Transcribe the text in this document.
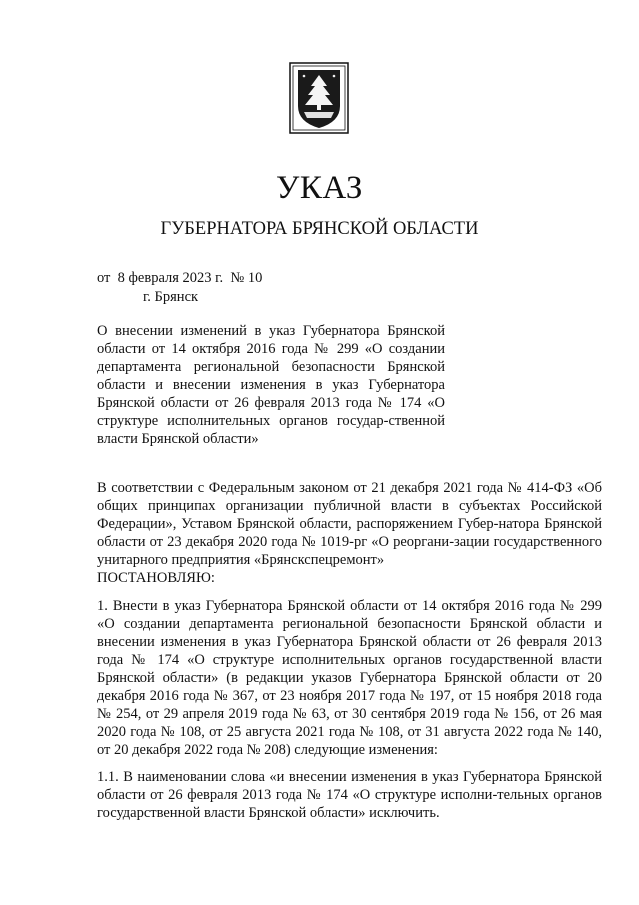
УКАЗ
ГУБЕРНАТОРА БРЯНСКОЙ ОБЛАСТИ
от  8 февраля 2023 г.  № 10
г. Брянск
О внесении изменений в указ Губернатора Брянской области от 14 октября 2016 года № 299 «О создании департамента региональной безопасности Брянской области и внесении изменения в указ Губернатора Брянской области от 26 февраля 2013 года № 174 «О структуре исполнительных органов государ-ственной власти Брянской области»

В соответствии с Федеральным законом от 21 декабря 2021 года № 414-ФЗ «Об общих принципах организации публичной власти в субъектах Российской Федерации», Уставом Брянской области, распоряжением Губер-натора Брянской области от 23 декабря 2020 года № 1019-рг «О реоргани-зации государственного унитарного предприятия «Брянскспецремонт»
ПОСТАНОВЛЯЮ:

1. Внести в указ Губернатора Брянской области от 14 октября 2016 года № 299 «О создании департамента региональной безопасности Брянской области и внесении изменения в указ Губернатора Брянской области от 26 февраля 2013 года № 174 «О структуре исполнительных органов государственной власти Брянской области» (в редакции указов Губернатора Брянской области от 20 декабря 2016 года № 367, от 23 ноября 2017 года № 197, от 15 ноября 2018 года № 254, от 29 апреля 2019 года № 63, от 30 сентября 2019 года № 156, от 26 мая 2020 года № 108, от 25 августа 2021 года № 108, от 31 августа 2022 года № 140, от 20 декабря 2022 года № 208) следующие изменения:

1.1. В наименовании слова «и внесении изменения в указ Губернатора Брянской области от 26 февраля 2013 года № 174 «О структуре исполни-тельных органов государственной власти Брянской области» исключить.
